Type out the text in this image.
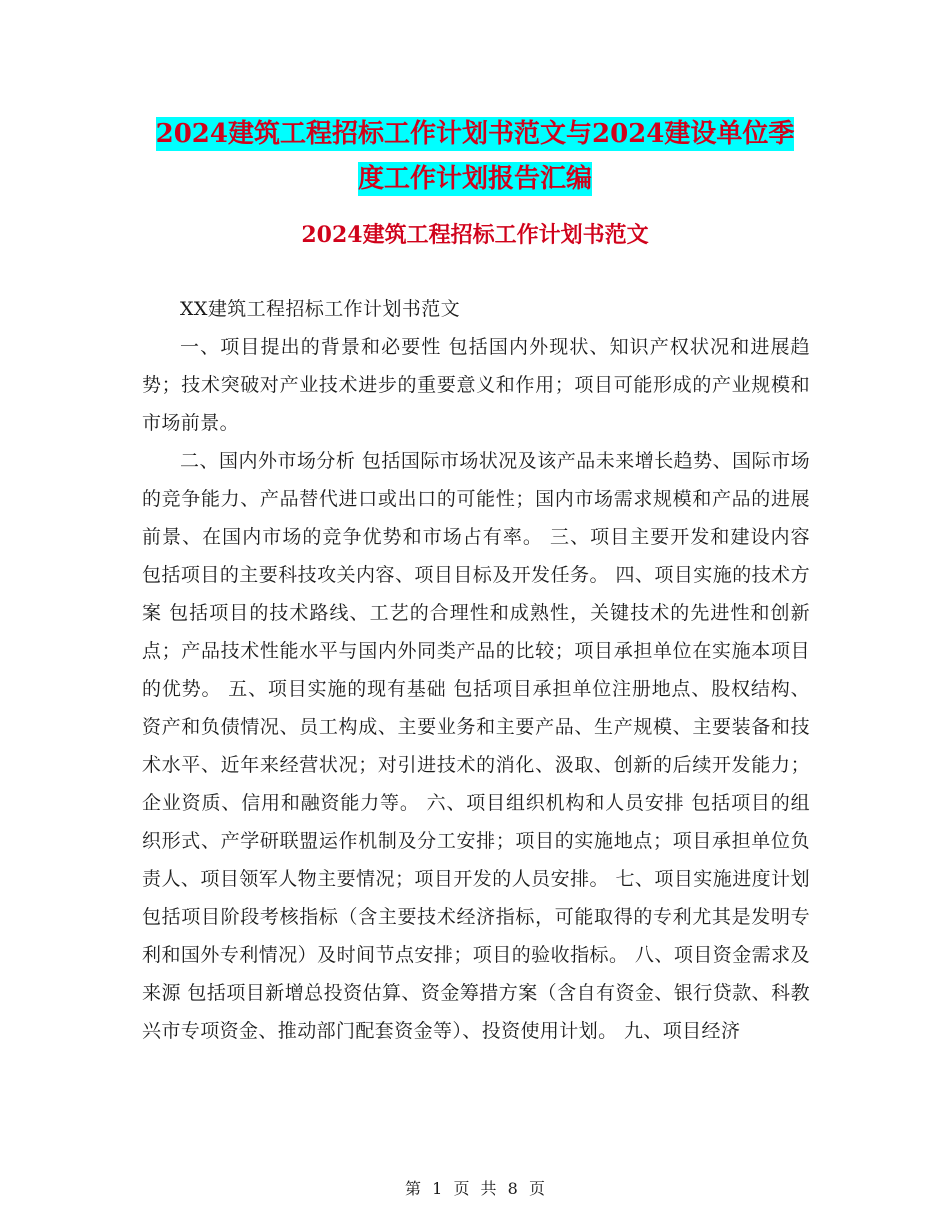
2024建筑工程招标工作计划书范文与2024建设单位季
度工作计划报告汇编
2024建筑工程招标工作计划书范文

XX建筑工程招标工作计划书范文

一、项目提出的背景和必要性 包括国内外现状、知识产权状况和进展趋势；技术突破对产业技术进步的重要意义和作用；项目可能形成的产业规模和市场前景。

二、国内外市场分析 包括国际市场状况及该产品未来增长趋势、国际市场的竞争能力、产品替代进口或出口的可能性；国内市场需求规模和产品的进展前景、在国内市场的竞争优势和市场占有率。 三、项目主要开发和建设内容 包括项目的主要科技攻关内容、项目目标及开发任务。 四、项目实施的技术方案 包括项目的技术路线、工艺的合理性和成熟性，关键技术的先进性和创新点；产品技术性能水平与国内外同类产品的比较；项目承担单位在实施本项目的优势。 五、项目实施的现有基础 包括项目承担单位注册地点、股权结构、资产和负债情况、员工构成、主要业务和主要产品、生产规模、主要装备和技术水平、近年来经营状况；对引进技术的消化、汲取、创新的后续开发能力；企业资质、信用和融资能力等。 六、项目组织机构和人员安排 包括项目的组织形式、产学研联盟运作机制及分工安排；项目的实施地点；项目承担单位负责人、项目领军人物主要情况；项目开发的人员安排。 七、项目实施进度计划 包括项目阶段考核指标（含主要技术经济指标，可能取得的专利尤其是发明专利和国外专利情况）及时间节点安排；项目的验收指标。 八、项目资金需求及来源 包括项目新增总投资估算、资金筹措方案（含自有资金、银行贷款、科教兴市专项资金、推动部门配套资金等）、投资使用计划。 九、项目经济

第 1 页 共 8 页
